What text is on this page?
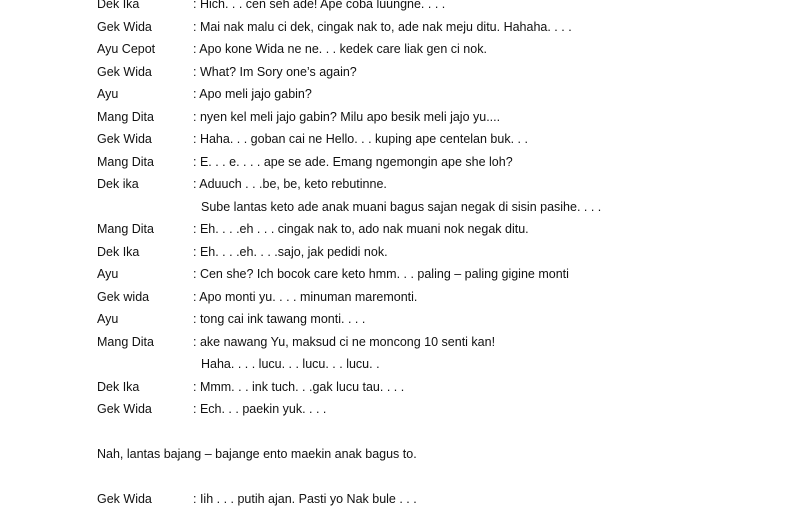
Dek Ika	: Hich. . . cen seh ade! Ape coba luungne. . . .
Gek Wida	: Mai nak malu ci dek, cingak nak to, ade nak meju ditu. Hahaha. . . .
Ayu Cepot	: Apo kone Wida ne ne. . . kedek care liak gen ci nok.
Gek Wida	: What? Im Sory one’s again?
Ayu	: Apo meli jajo gabin?
Mang Dita	: nyen kel meli jajo gabin? Milu apo besik meli jajo yu....
Gek Wida	: Haha. . . goban cai ne Hello. . . kuping ape centelan buk. . .
Mang Dita	: E. . . e. . . . ape se ade. Emang ngemongin ape she loh?
Dek ika	: Aduuch . . .be, be, keto rebutinne.
Sube lantas keto ade anak muani bagus sajan negak di sisin pasihe. . . .
Mang Dita	: Eh. . . .eh . . . cingak nak to, ado nak muani nok negak ditu.
Dek Ika	: Eh. . . .eh. . . .sajo, jak pedidi nok.
Ayu	: Cen she? Ich bocok care keto hmm. . . paling – paling gigine monti
Gek wida	: Apo monti yu. . . . minuman maremonti.
Ayu	: tong cai ink tawang monti. . . .
Mang Dita	: ake nawang Yu, maksud ci ne moncong 10 senti kan!
Haha. . . . lucu. . . lucu. . . lucu. .
Dek Ika	: Mmm. . . ink tuch. . .gak lucu tau. . . .
Gek Wida	: Ech. . . paekin yuk. . . .
Nah, lantas bajang – bajange ento maekin anak bagus to.
Gek Wida	: Iih . . . putih ajan. Pasti yo Nak bule . . .
